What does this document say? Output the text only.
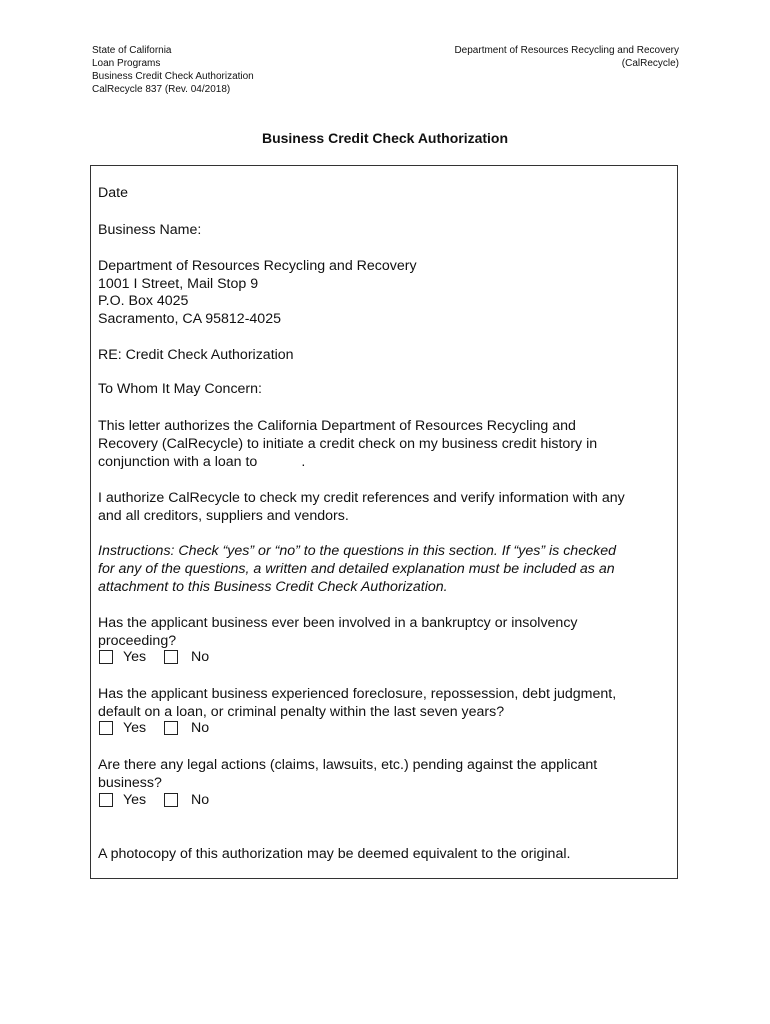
State of California
Loan Programs
Business Credit Check Authorization
CalRecycle 837 (Rev. 04/2018)
Department of Resources Recycling and Recovery
(CalRecycle)
Business Credit Check Authorization
Date
Business Name:
Department of Resources Recycling and Recovery
1001 I Street, Mail Stop 9
P.O. Box 4025
Sacramento, CA 95812-4025
RE: Credit Check Authorization
To Whom It May Concern:
This letter authorizes the California Department of Resources Recycling and
Recovery (CalRecycle) to initiate a credit check on my business credit history in
conjunction with a loan to	.
I authorize CalRecycle to check my credit references and verify information with any
and all creditors, suppliers and vendors.
Instructions: Check “yes” or “no” to the questions in this section. If “yes” is checked
for any of the questions, a written and detailed explanation must be included as an
attachment to this Business Credit Check Authorization.
Has the applicant business ever been involved in a bankruptcy or insolvency
proceeding?
Yes	No
Has the applicant business experienced foreclosure, repossession, debt judgment,
default on a loan, or criminal penalty within the last seven years?
Yes	No
Are there any legal actions (claims, lawsuits, etc.) pending against the applicant
business?
Yes	No
A photocopy of this authorization may be deemed equivalent to the original.
